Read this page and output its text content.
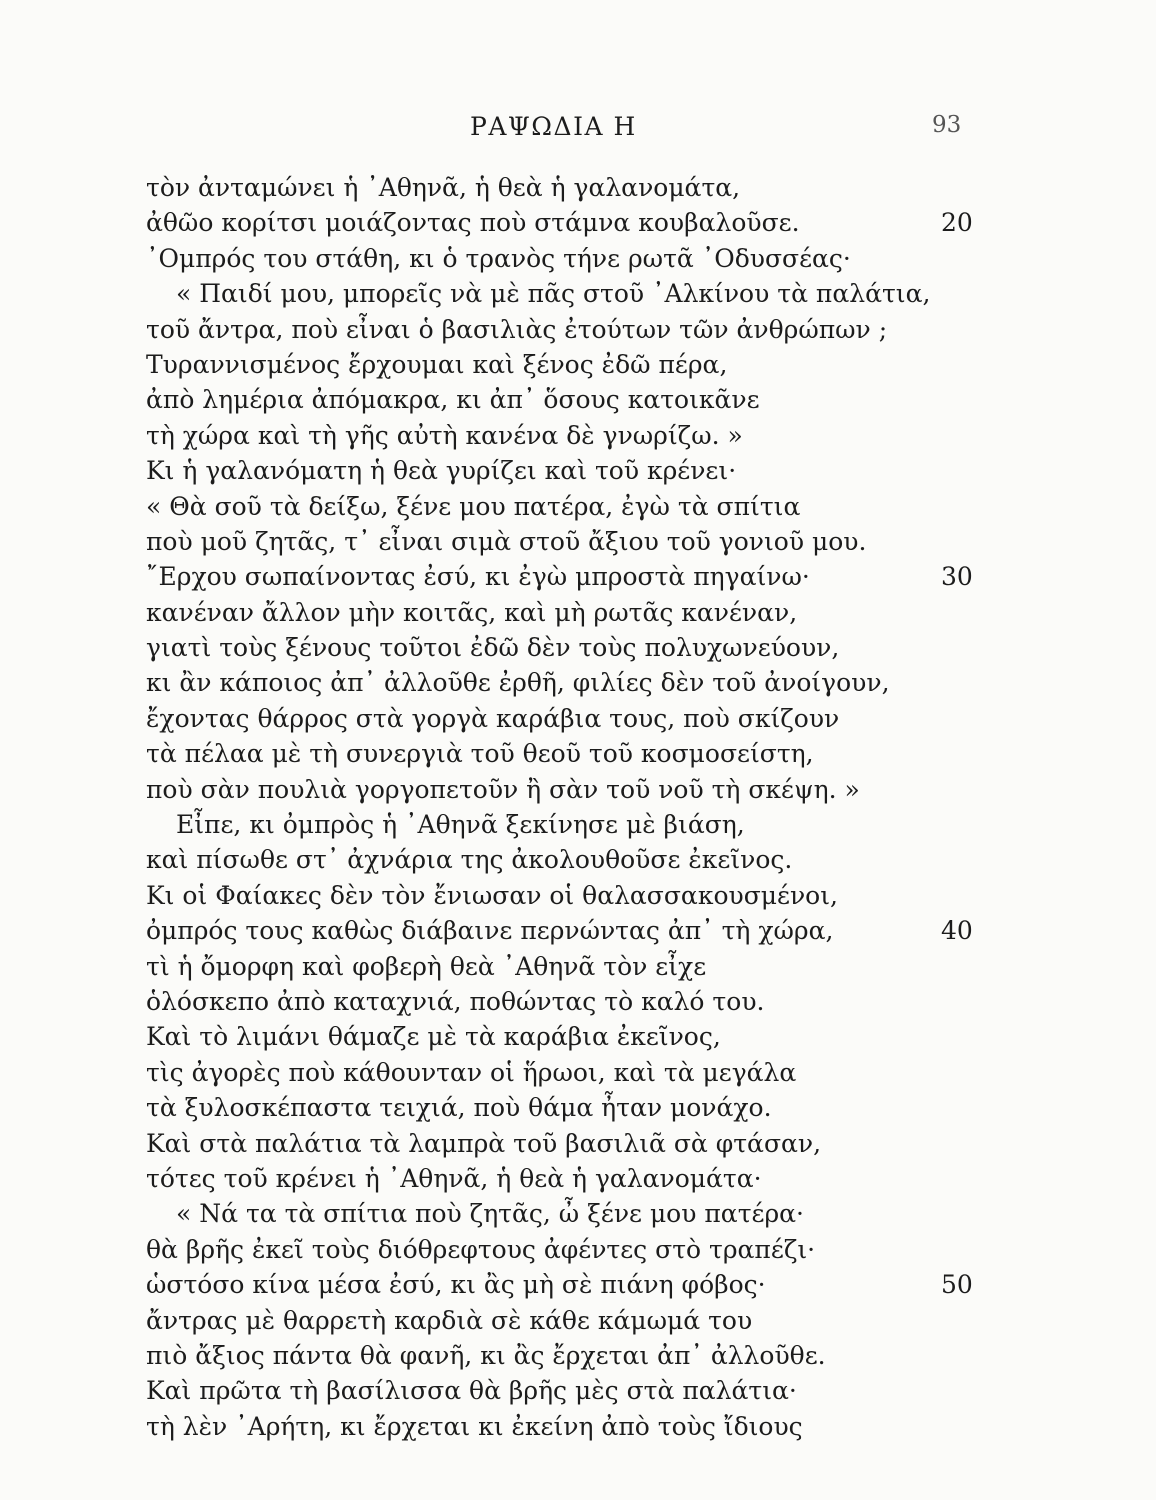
ΡΑΨΩΔΙΑ Η	93
τὸν ἀνταμώνει ἡ ᾿Αθηνᾶ, ἡ θεὰ ἡ γαλανομάτα,
ἀθῶο κορίτσι μοιάζοντας ποὺ στάμνα κουβαλοῦσε.	20
᾿Ομπρός του στάθη, κι ὁ τρανὸς τήνε ρωτᾶ ᾿Οδυσσέας·
« Παιδί μου, μπορεῖς νὰ μὲ πᾶς στοῦ ᾿Αλκίνου τὰ παλάτια,
τοῦ ἄντρα, ποὺ εἶναι ὁ βασιλιὰς ἐτούτων τῶν ἀνθρώπων ;
Τυραννισμένος ἔρχουμαι καὶ ξένος ἐδῶ πέρα,
ἀπὸ λημέρια ἀπόμακρα, κι ἀπ᾿ ὅσους κατοικᾶνε
τὴ χώρα καὶ τὴ γῆς αὐτὴ κανένα δὲ γνωρίζω. »
Κι ἡ γαλανόματη ἡ θεὰ γυρίζει καὶ τοῦ κρένει·
« Θὰ σοῦ τὰ δείξω, ξένε μου πατέρα, ἐγὼ τὰ σπίτια
ποὺ μοῦ ζητᾶς, τ᾿ εἶναι σιμὰ στοῦ ἄξιου τοῦ γονιοῦ μου.
῎Ερχου σωπαίνοντας ἐσύ, κι ἐγὼ μπροστὰ πηγαίνω·	30
κανέναν ἄλλον μὴν κοιτᾶς, καὶ μὴ ρωτᾶς κανέναν,
γιατὶ τοὺς ξένους τοῦτοι ἐδῶ δὲν τοὺς πολυχωνεύουν,
κι ἂν κάποιος ἀπ᾿ ἀλλοῦθε ἐρθῆ, φιλίες δὲν τοῦ ἀνοίγουν,
ἔχοντας θάρρος στὰ γοργὰ καράβια τους, ποὺ σκίζουν
τὰ πέλαα μὲ τὴ συνεργιὰ τοῦ θεοῦ τοῦ κοσμοσείστη,
ποὺ σὰν πουλιὰ γοργοπετοῦν ἢ σὰν τοῦ νοῦ τὴ σκέψη. »
Εἶπε, κι ὀμπρὸς ἡ ᾿Αθηνᾶ ξεκίνησε μὲ βιάση,
καὶ πίσωθε στ᾿ ἀχνάρια της ἀκολουθοῦσε ἐκεῖνος.
Κι οἱ Φαίακες δὲν τὸν ἔνιωσαν οἱ θαλασσακουσμένοι,
ὀμπρός τους καθὼς διάβαινε περνώντας ἀπ᾿ τὴ χώρα,	40
τὶ ἡ ὄμορφη καὶ φοβερὴ θεὰ ᾿Αθηνᾶ τὸν εἶχε
ὁλόσκεπο ἀπὸ καταχνιά, ποθώντας τὸ καλό του.
Καὶ τὸ λιμάνι θάμαζε μὲ τὰ καράβια ἐκεῖνος,
τὶς ἀγορὲς ποὺ κάθουνταν οἱ ἥρωοι, καὶ τὰ μεγάλα
τὰ ξυλοσκέπαστα τειχιά, ποὺ θάμα ἦταν μονάχο.
Καὶ στὰ παλάτια τὰ λαμπρὰ τοῦ βασιλιᾶ σὰ φτάσαν,
τότες τοῦ κρένει ἡ ᾿Αθηνᾶ, ἡ θεὰ ἡ γαλανομάτα·
« Νά τα τὰ σπίτια ποὺ ζητᾶς, ὦ ξένε μου πατέρα·
θὰ βρῆς ἐκεῖ τοὺς διόθρεφτους ἀφέντες στὸ τραπέζι·
ὡστόσο κίνα μέσα ἐσύ, κι ἂς μὴ σὲ πιάνη φόβος·	50
ἄντρας μὲ θαρρετὴ καρδιὰ σὲ κάθε κάμωμά του
πιὸ ἄξιος πάντα θὰ φανῆ, κι ἂς ἔρχεται ἀπ᾿ ἀλλοῦθε.
Καὶ πρῶτα τὴ βασίλισσα θὰ βρῆς μὲς στὰ παλάτια·
τὴ λὲν ᾿Αρήτη, κι ἔρχεται κι ἐκείνη ἀπὸ τοὺς ἴδιους
